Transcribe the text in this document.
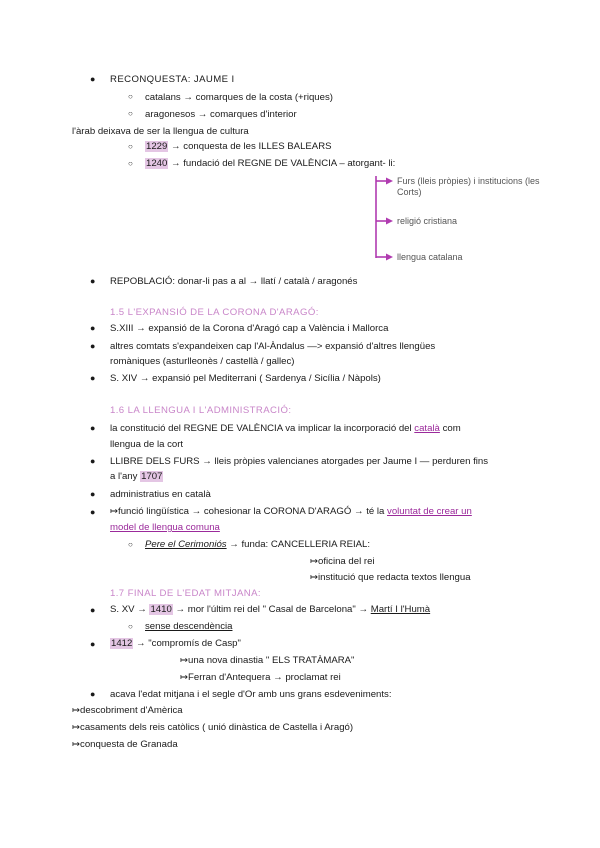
● RECONQUESTA: JAUME I
○ catalans → comarques de la costa (+riques)
○ aragonesos → comarques d'interior
l'àrab deixava de ser la llengua de cultura
○ 1229 → conquesta de les ILLES BALEARS
○ 1240 → fundació del REGNE DE VALÈNCIA – atorgant- li:
Furs (lleis pròpies) i institucions (les
Corts)
religió cristiana
llengua catalana
● REPOBLACIÓ: donar-li pas a al → llatí / català / aragonés
1.5 L'EXPANSIÓ DE LA CORONA D'ARAGÓ:
● S.XIII → expansió de la Corona d'Aragó cap a València i Mallorca
● altres comtats s'expandeixen cap l'Al-Àndalus —> expansió d'altres llengües
romàniques (asturlleonès / castellà / gallec)
● S. XIV → expansió pel Mediterrani ( Sardenya / Sicília / Nàpols)
1.6 LA LLENGUA I L'ADMINISTRACIÓ:
● la constitució del REGNE DE VALÈNCIA va implicar la incorporació del català com
llengua de la cort
● LLIBRE DELS FURS → lleis pròpies valencianes atorgades per Jaume I — perduren fins
a l'any 1707
● administratius en català
● ↦funció lingüística → cohesionar la CORONA D'ARAGÓ → té la voluntat de crear un
model de llengua comuna
○ Pere el Cerimoniós → funda: CANCELLERIA REIAL:
↦oficina del rei
↦institució que redacta textos llengua
1.7 FINAL DE L'EDAT MITJANA:
● S. XV → 1410 → mor l'últim rei del " Casal de Barcelona" → Martí I l'Humà
○ sense descendència
● 1412 → "compromís de Casp"
↦una nova dinastia " ELS TRATÀMARA"
↦Ferran d'Antequera → proclamat rei
● acava l'edat mitjana i el segle d'Or amb uns grans esdeveniments:
↦descobriment d'Amèrica
↦casaments dels reis catòlics ( unió dinàstica de Castella i Aragó)
↦conquesta de Granada
